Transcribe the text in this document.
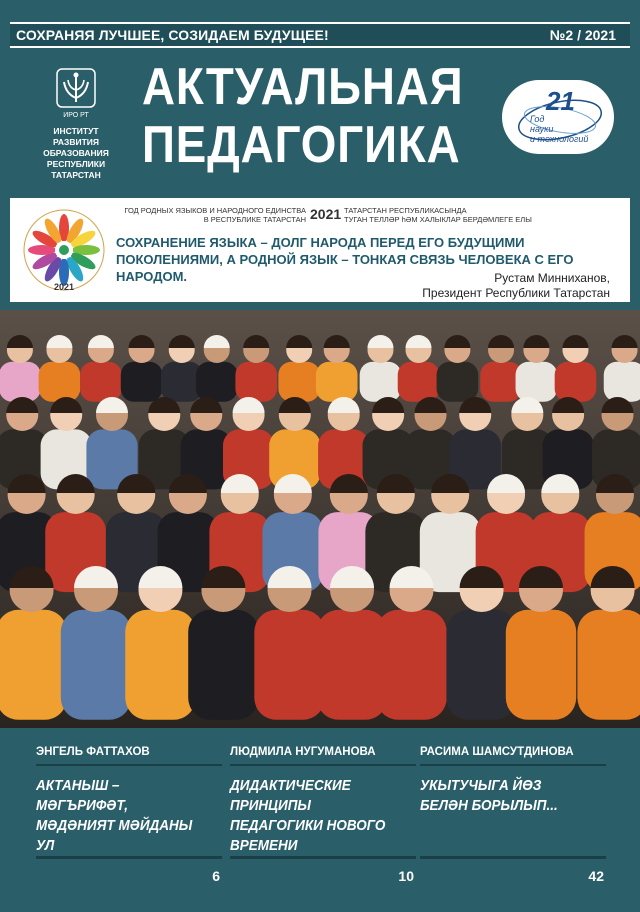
СОХРАНЯЯ ЛУЧШЕЕ, СОЗИДАЕМ БУДУЩЕЕ!	№2 / 2021
ИРО РТ
ИНСТИТУТ
РАЗВИТИЯ ОБРАЗОВАНИЯ
РЕСПУБЛИКИ ТАТАРСТАН
АКТУАЛЬНАЯ
ПЕДАГОГИКА
21
Год
науки
и технологий
2021
ГОД РОДНЫХ ЯЗЫКОВ И НАРОДНОГО ЕДИНСТВА
В РЕСПУБЛИКЕ ТАТАРСТАН 2021 ТАТАРСТАН РЕСПУБЛИКАСЫНДА
ТУГАН ТЕЛЛӘР һӘМ ХАЛЫКЛАР БЕРДӘМЛЕГЕ ЕЛЫ
СОХРАНЕНИЕ ЯЗЫКА – ДОЛГ НАРОДА ПЕРЕД ЕГО БУДУЩИМИ ПОКОЛЕНИЯМИ, А РОДНОЙ ЯЗЫК – ТОНКАЯ СВЯЗЬ ЧЕЛОВЕКА С ЕГО НАРОДОМ.	Рустам Минниханов,
Президент Республики Татарстан
ЭНГЕЛЬ ФАТТАХОВ
АКТАНЫШ – МӘГЪРИФӘТ, МӘДӘНИЯТ МӘЙДАНЫ УЛ
6
ЛЮДМИЛА НУГУМАНОВА
ДИДАКТИЧЕСКИЕ ПРИНЦИПЫ ПЕДАГОГИКИ НОВОГО ВРЕМЕНИ
10
РАСИМА ШАМСУТДИНОВА
УКЫТУЧЫГА ЙӨЗ БЕЛӘН БОРЫЛЫП...
42
